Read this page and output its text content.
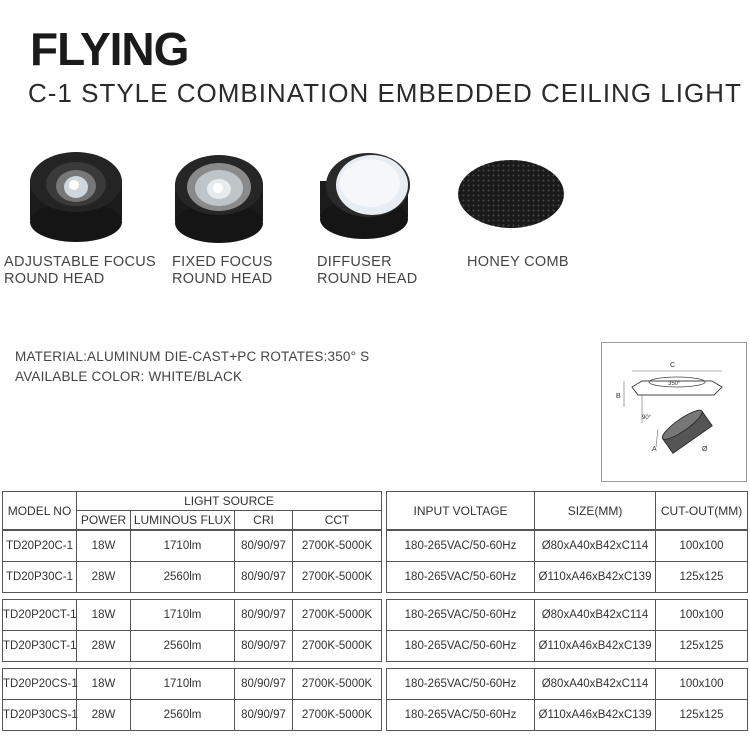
FLYING
C-1 STYLE COMBINATION EMBEDDED CEILING LIGHT
ADJUSTABLE FOCUS
ROUND HEAD
FIXED FOCUS
ROUND HEAD
DIFFUSER
ROUND HEAD
HONEY COMB
MATERIAL:ALUMINUM DIE-CAST+PC ROTATES:350° S
AVAILABLE COLOR: WHITE/BLACK
C
350°
B
90°
A	Ø
MODEL NO	LIGHT SOURCE					INPUT VOLTAGE	SIZE(MM)	CUT-OUT(MM)
	POWER	LUMINOUS FLUX	CRI	CCT				
TD20P20C-1	18W	1710lm	80/90/97	2700K-5000K		180-265VAC/50-60Hz	Ø80xA40xB42xC114	100x100
TD20P30C-1	28W	2560lm	80/90/97	2700K-5000K		180-265VAC/50-60Hz	Ø110xA46xB42xC139	125x125
TD20P20CT-1	18W	1710lm	80/90/97	2700K-5000K		180-265VAC/50-60Hz	Ø80xA40xB42xC114	100x100
TD20P30CT-1	28W	2560lm	80/90/97	2700K-5000K		180-265VAC/50-60Hz	Ø110xA46xB42xC139	125x125
TD20P20CS-1	18W	1710lm	80/90/97	2700K-5000K		180-265VAC/50-60Hz	Ø80xA40xB42xC114	100x100
TD20P30CS-1	28W	2560lm	80/90/97	2700K-5000K		180-265VAC/50-60Hz	Ø110xA46xB42xC139	125x125
